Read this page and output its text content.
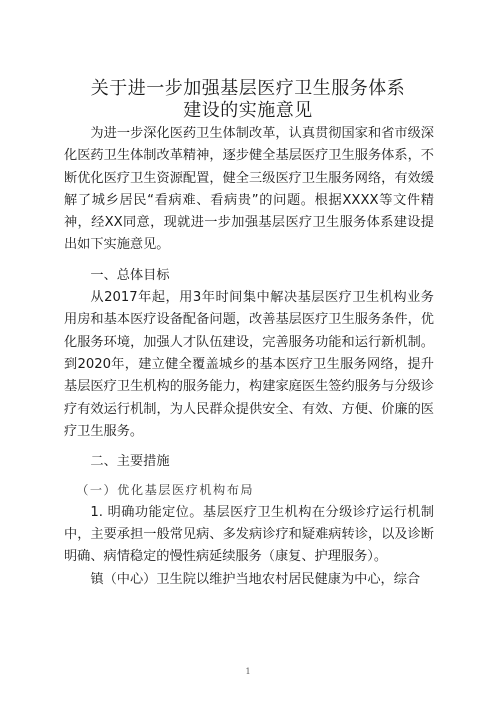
关于进一步加强基层医疗卫生服务体系
建设的实施意见

为进一步深化医药卫生体制改革，认真贯彻国家和省市级深化医药卫生体制改革精神，逐步健全基层医疗卫生服务体系，不断优化医疗卫生资源配置，健全三级医疗卫生服务网络，有效缓解了城乡居民“看病难、看病贵”的问题。根据XXXX等文件精神，经XX同意，现就进一步加强基层医疗卫生服务体系建设提出如下实施意见。

一、总体目标

从2017年起，用3年时间集中解决基层医疗卫生机构业务用房和基本医疗设备配备问题，改善基层医疗卫生服务条件，优化服务环境，加强人才队伍建设，完善服务功能和运行新机制。到2020年，建立健全覆盖城乡的基本医疗卫生服务网络，提升基层医疗卫生机构的服务能力，构建家庭医生签约服务与分级诊疗有效运行机制，为人民群众提供安全、有效、方便、价廉的医疗卫生服务。

二、主要措施

（一）优化基层医疗机构布局

1. 明确功能定位。基层医疗卫生机构在分级诊疗运行机制中，主要承担一般常见病、多发病诊疗和疑难病转诊，以及诊断明确、病情稳定的慢性病延续服务（康复、护理服务）。

镇（中心）卫生院以维护当地农村居民健康为中心，综合

1
